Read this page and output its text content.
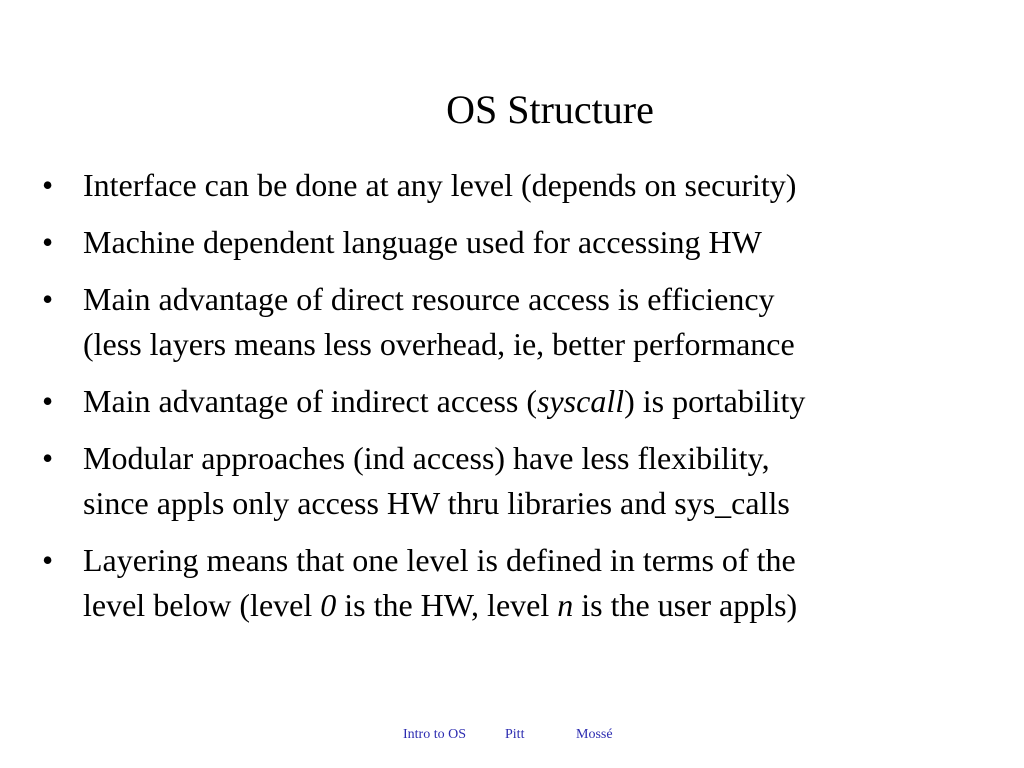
OS Structure
• Interface can be done at any level (depends on security)
• Machine dependent language used for accessing HW
• Main advantage of direct resource access is efficiency
(less layers means less overhead, ie, better performance
• Main advantage of indirect access (syscall) is portability
• Modular approaches (ind access) have less flexibility,
since appls only access HW thru libraries and sys_calls
• Layering means that one level is defined in terms of the
level below (level 0 is the HW, level n is the user appls)
Intro to OS	Pitt	Mossé
